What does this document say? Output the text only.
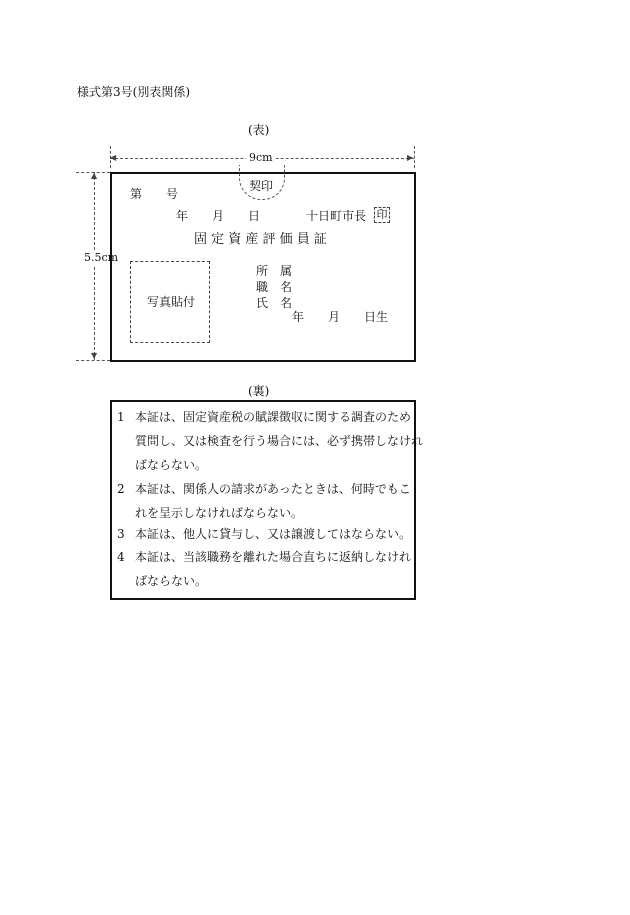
様式第3号(別表関係)
(表)
◀	▶
9cm
▲
▼
5.5cm
契印
第 号
年 月 日	十日町市長 印
固 定 資 産 評 価 員 証
写真貼付
所　属
職　名
氏　名
年 月 日生
(裏)
1 本証は、固定資産税の賦課徴収に関する調査のため
質問し、又は検査を行う場合には、必ず携帯しなけれ
ばならない。
2 本証は、関係人の請求があったときは、何時でもこ
れを呈示しなければならない。
3 本証は、他人に貸与し、又は譲渡してはならない。
4 本証は、当該職務を離れた場合直ちに返納しなけれ
ばならない。
